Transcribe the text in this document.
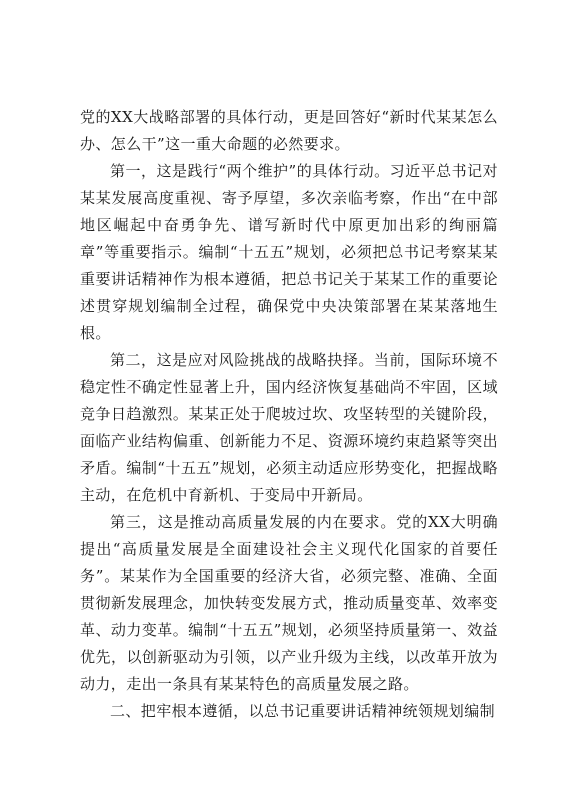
党的XX大战略部署的具体行动，更是回答好“新时代某某怎么办、怎么干”这一重大命题的必然要求。

第一，这是践行“两个维护”的具体行动。习近平总书记对某某发展高度重视、寄予厚望，多次亲临考察，作出“在中部地区崛起中奋勇争先、谱写新时代中原更加出彩的绚丽篇章”等重要指示。编制“十五五”规划，必须把总书记考察某某重要讲话精神作为根本遵循，把总书记关于某某工作的重要论述贯穿规划编制全过程，确保党中央决策部署在某某落地生根。

第二，这是应对风险挑战的战略抉择。当前，国际环境不稳定性不确定性显著上升，国内经济恢复基础尚不牢固，区域竞争日趋激烈。某某正处于爬坡过坎、攻坚转型的关键阶段，面临产业结构偏重、创新能力不足、资源环境约束趋紧等突出矛盾。编制“十五五”规划，必须主动适应形势变化，把握战略主动，在危机中育新机、于变局中开新局。

第三，这是推动高质量发展的内在要求。党的XX大明确提出“高质量发展是全面建设社会主义现代化国家的首要任务”。某某作为全国重要的经济大省，必须完整、准确、全面贯彻新发展理念，加快转变发展方式，推动质量变革、效率变革、动力变革。编制“十五五”规划，必须坚持质量第一、效益优先，以创新驱动为引领，以产业升级为主线，以改革开放为动力，走出一条具有某某特色的高质量发展之路。

二、把牢根本遵循，以总书记重要讲话精神统领规划编制
